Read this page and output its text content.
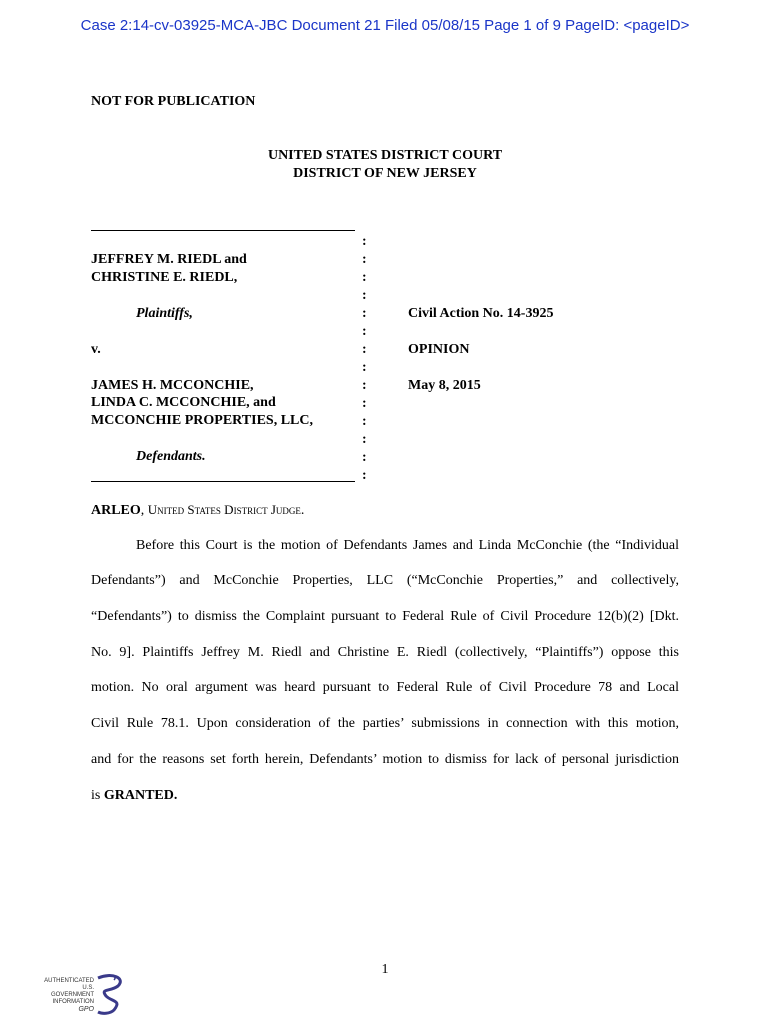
Case 2:14-cv-03925-MCA-JBC Document 21 Filed 05/08/15 Page 1 of 9 PageID: <pageID>
NOT FOR PUBLICATION
UNITED STATES DISTRICT COURT
DISTRICT OF NEW JERSEY
:
:
:
:
:
:
:
:
:
:
:
:
:
:
JEFFREY M. RIEDL and
CHRISTINE E. RIEDL,
Plaintiffs,
v.
JAMES H. MCCONCHIE,
LINDA C. MCCONCHIE, and
MCCONCHIE PROPERTIES, LLC,
Defendants.
Civil Action No. 14-3925
OPINION
May 8, 2015
ARLEO, United States District Judge.
Before this Court is the motion of Defendants James and Linda McConchie (the “Individual
Defendants”) and McConchie Properties, LLC (“McConchie Properties,” and collectively,
“Defendants”) to dismiss the Complaint pursuant to Federal Rule of Civil Procedure 12(b)(2) [Dkt.
No. 9]. Plaintiffs Jeffrey M. Riedl and Christine E. Riedl (collectively, “Plaintiffs”) oppose this
motion. No oral argument was heard pursuant to Federal Rule of Civil Procedure 78 and Local
Civil Rule 78.1. Upon consideration of the parties’ submissions in connection with this motion,
and for the reasons set forth herein, Defendants’ motion to dismiss for lack of personal jurisdiction
is GRANTED.
1
AUTHENTICATED
U.S. GOVERNMENT
INFORMATION
GPO
